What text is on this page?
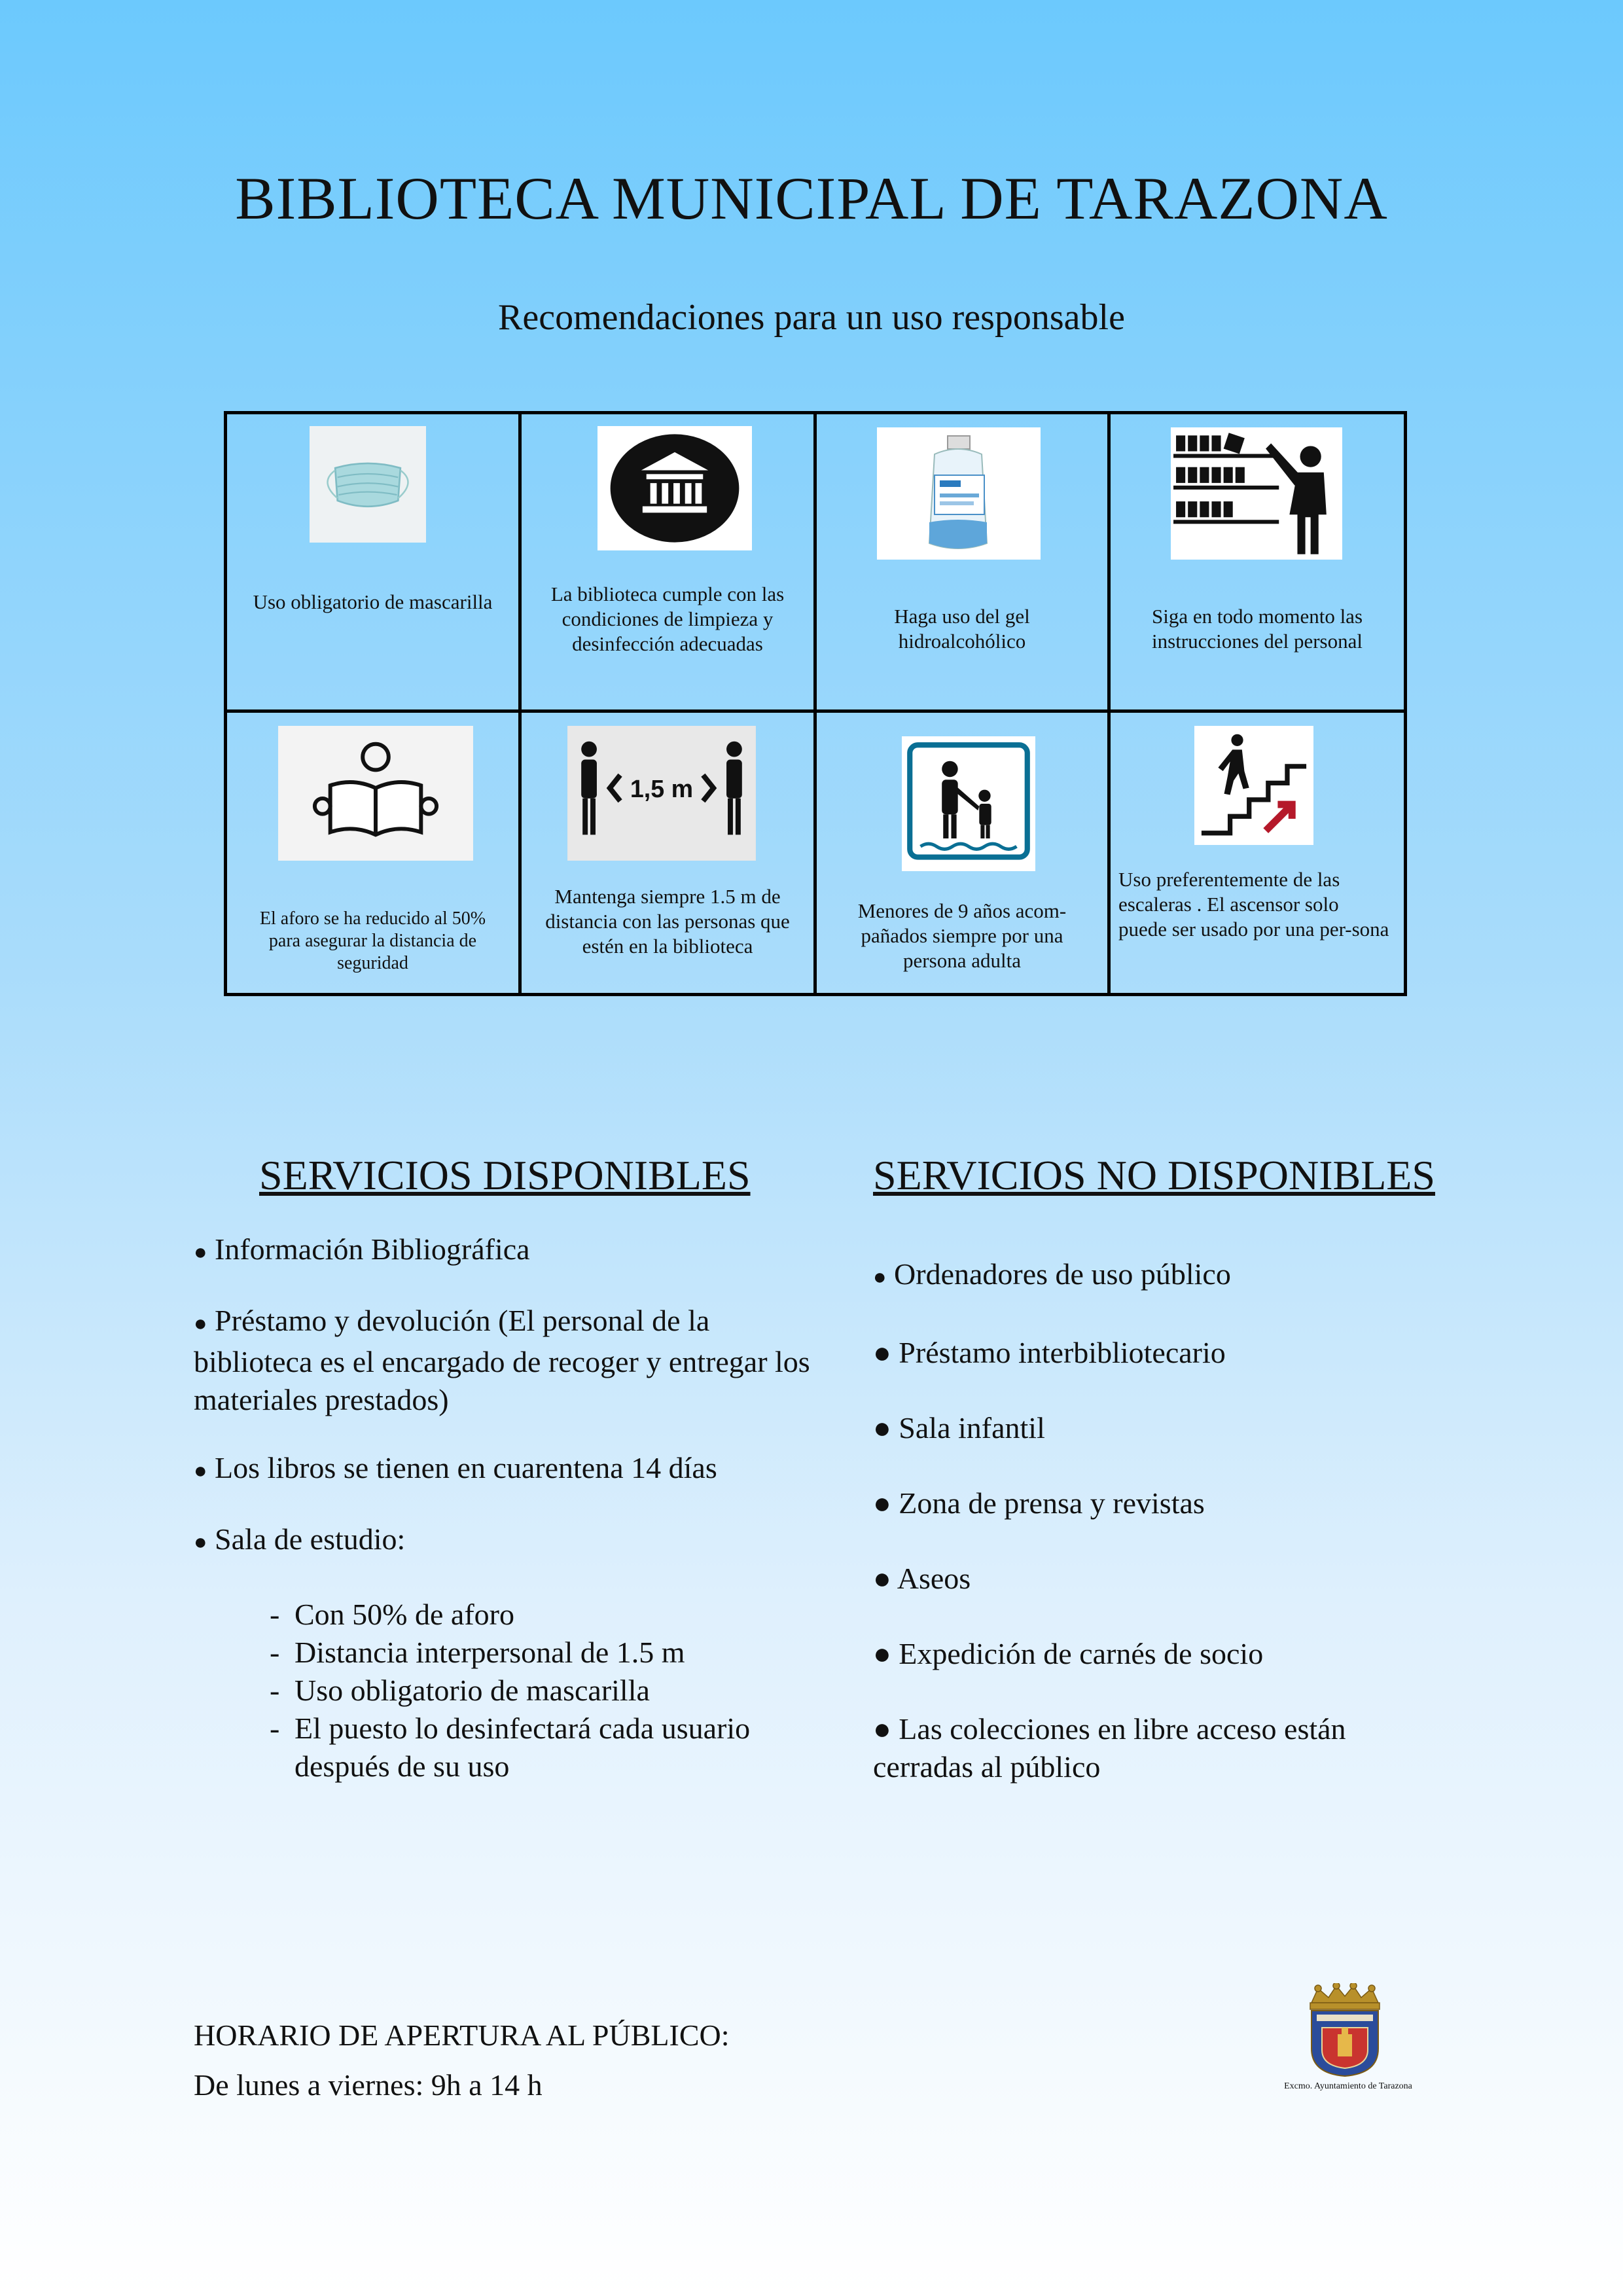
BIBLIOTECA MUNICIPAL DE TARAZONA
Recomendaciones para un uso responsable
Uso obligatorio de mascarilla	La biblioteca cumple con las condiciones de limpieza y desinfección adecuadas
Haga uso del gel hidroalcohólico
Siga en todo momento las instrucciones del personal
El aforo se ha reducido al 50% para asegurar la distancia de seguridad
1,5 m
Mantenga siempre 1.5 m de distancia con las personas que estén en la biblioteca
Menores de 9 años acom-pañados siempre por una persona adulta
Uso preferentemente de las escaleras . El ascensor solo puede ser usado por una per-sona
SERVICIOS DISPONIBLES
● Información Bibliográfica
● Préstamo y devolución (El personal de la biblioteca es el encargado de recoger y entregar los materiales prestados)
● Los libros se tienen en cuarentena 14 días
● Sala de estudio:
- Con 50% de aforo
- Distancia interpersonal de 1.5 m
- Uso obligatorio de mascarilla
- El puesto lo desinfectará cada usuario después de su uso
SERVICIOS NO DISPONIBLES
● Ordenadores de uso público
● Préstamo interbibliotecario
● Sala infantil
● Zona de prensa y revistas
● Aseos
● Expedición de carnés de socio
● Las colecciones en libre acceso están cerradas al público
HORARIO DE APERTURA AL PÚBLICO:
De lunes a viernes: 9h a 14 h	Excmo. Ayuntamiento de Tarazona
